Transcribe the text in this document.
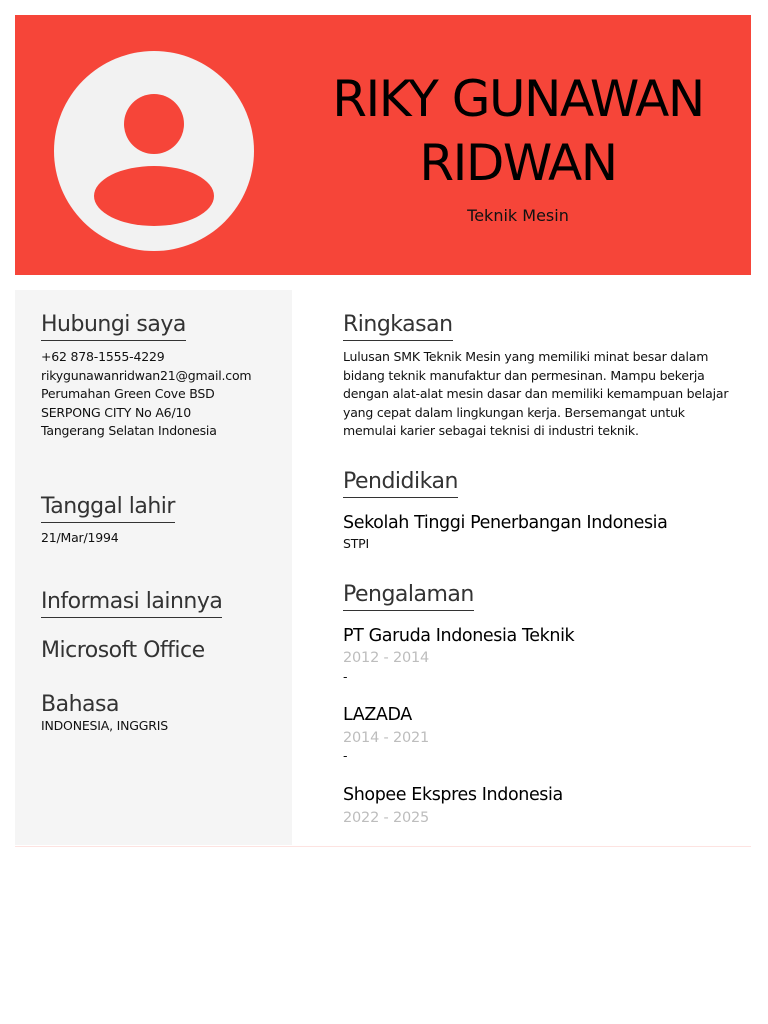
RIKY GUNAWAN
RIDWAN
Teknik Mesin
Hubungi saya
+62 878-1555-4229
rikygunawanridwan21@gmail.com
Perumahan Green Cove BSD
SERPONG CITY No A6/10
Tangerang Selatan Indonesia
Tanggal lahir
21/Mar/1994
Informasi lainnya
Microsoft Office
Bahasa
INDONESIA, INGGRIS
Ringkasan
Lulusan SMK Teknik Mesin yang memiliki minat besar dalam
bidang teknik manufaktur dan permesinan. Mampu bekerja
dengan alat-alat mesin dasar dan memiliki kemampuan belajar
yang cepat dalam lingkungan kerja. Bersemangat untuk
memulai karier sebagai teknisi di industri teknik.
Pendidikan
Sekolah Tinggi Penerbangan Indonesia
STPI
Pengalaman
PT Garuda Indonesia Teknik
2012 - 2014
-
LAZADA
2014 - 2021
-
Shopee Ekspres Indonesia
2022 - 2025
